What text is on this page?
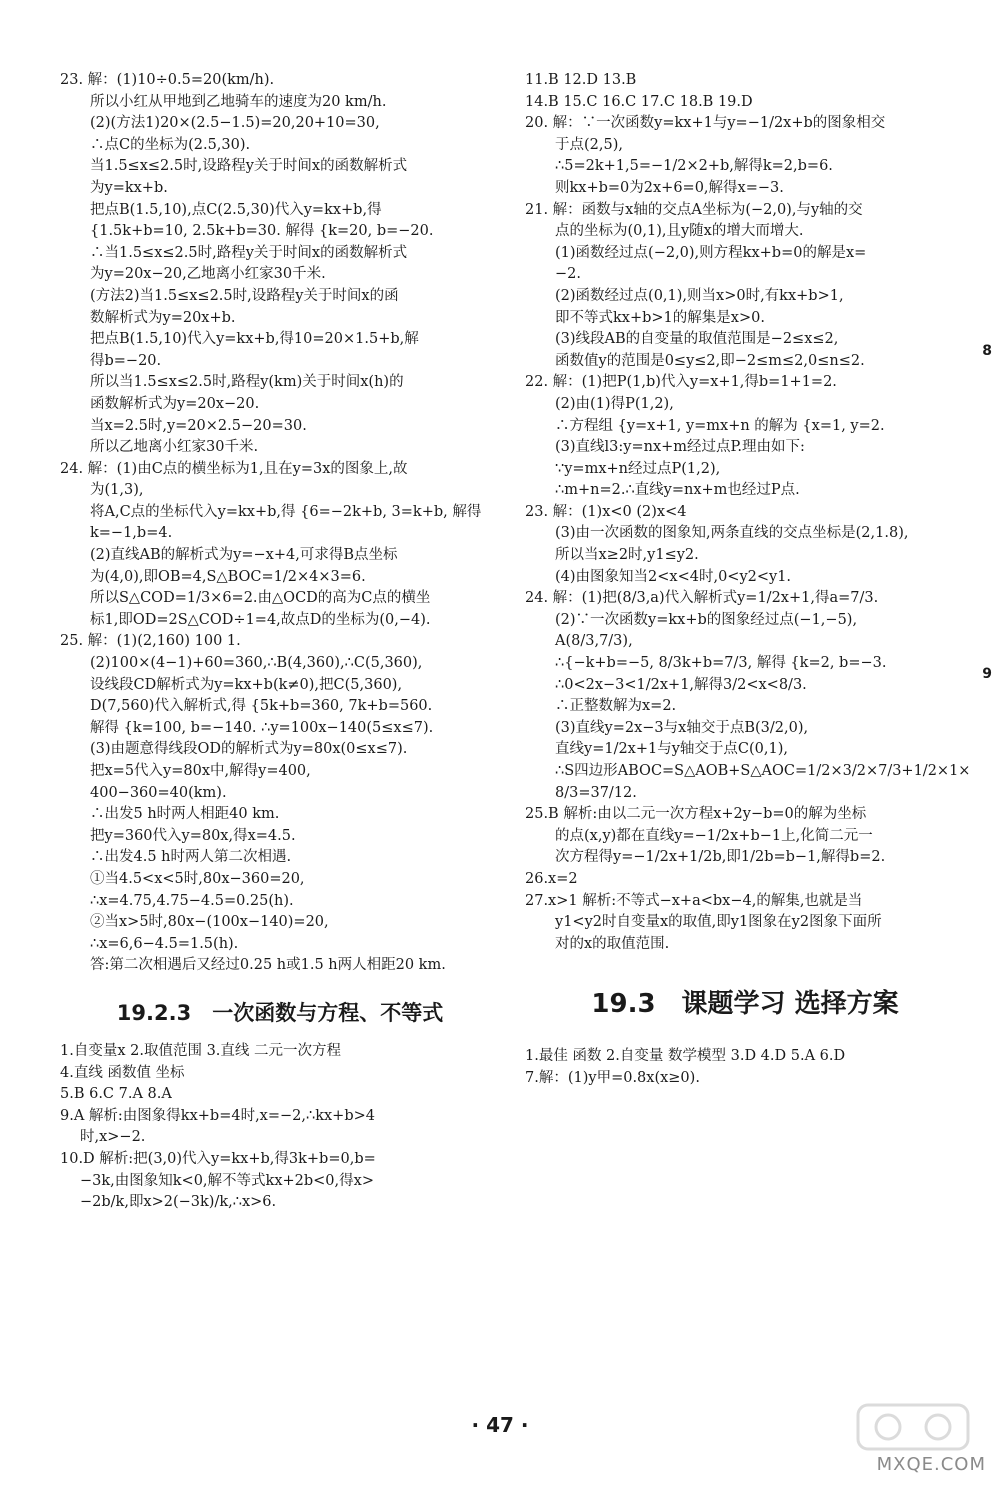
23. 解：(1)10÷0.5=20(km/h).
所以小红从甲地到乙地骑车的速度为20 km/h.
(2)(方法1)20×(2.5−1.5)=20,20+10=30,
∴点C的坐标为(2.5,30).
当1.5≤x≤2.5时,设路程y关于时间x的函数解析式
为y=kx+b.
把点B(1.5,10),点C(2.5,30)代入y=kx+b,得
{1.5k+b=10, 2.5k+b=30. 解得 {k=20, b=−20.
∴当1.5≤x≤2.5时,路程y关于时间x的函数解析式
为y=20x−20,乙地离小红家30千米.
(方法2)当1.5≤x≤2.5时,设路程y关于时间x的函
数解析式为y=20x+b.
把点B(1.5,10)代入y=kx+b,得10=20×1.5+b,解
得b=−20.
所以当1.5≤x≤2.5时,路程y(km)关于时间x(h)的
函数解析式为y=20x−20.
当x=2.5时,y=20×2.5−20=30.
所以乙地离小红家30千米.
24. 解：(1)由C点的横坐标为1,且在y=3x的图象上,故
为(1,3),
将A,C点的坐标代入y=kx+b,得 {6=−2k+b, 3=k+b, 解得
k=−1,b=4.
(2)直线AB的解析式为y=−x+4,可求得B点坐标
为(4,0),即OB=4,S△BOC=1/2×4×3=6.
所以S△COD=1/3×6=2.由△OCD的高为C点的横坐
标1,即OD=2S△COD÷1=4,故点D的坐标为(0,−4).
25. 解：(1)(2,160) 100 1.
(2)100×(4−1)+60=360,∴B(4,360),∴C(5,360),
设线段CD解析式为y=kx+b(k≠0),把C(5,360),
D(7,560)代入解析式,得 {5k+b=360, 7k+b=560.
解得 {k=100, b=−140. ∴y=100x−140(5≤x≤7).
(3)由题意得线段OD的解析式为y=80x(0≤x≤7).
把x=5代入y=80x中,解得y=400,
400−360=40(km).
∴出发5 h时两人相距40 km.
把y=360代入y=80x,得x=4.5.
∴出发4.5 h时两人第二次相遇.
①当4.5<x<5时,80x−360=20,
∴x=4.75,4.75−4.5=0.25(h).
②当x>5时,80x−(100x−140)=20,
∴x=6,6−4.5=1.5(h).
答:第二次相遇后又经过0.25 h或1.5 h两人相距20 km.
19.2.3　一次函数与方程、不等式
1.自变量x 2.取值范围 3.直线 二元一次方程
4.直线 函数值 坐标
5.B 6.C 7.A 8.A
9.A 解析:由图象得kx+b=4时,x=−2,∴kx+b>4
时,x>−2.
10.D 解析:把(3,0)代入y=kx+b,得3k+b=0,b=
−3k,由图象知k<0,解不等式kx+2b<0,得x>
−2b/k,即x>2(−3k)/k,∴x>6.
11.B 12.D 13.B
14.B 15.C 16.C 17.C 18.B 19.D
20. 解：∵一次函数y=kx+1与y=−1/2x+b的图象相交
于点(2,5),
∴5=2k+1,5=−1/2×2+b,解得k=2,b=6.
则kx+b=0为2x+6=0,解得x=−3.
21. 解：函数与x轴的交点A坐标为(−2,0),与y轴的交
点的坐标为(0,1),且y随x的增大而增大.
(1)函数经过点(−2,0),则方程kx+b=0的解是x=
−2.
(2)函数经过点(0,1),则当x>0时,有kx+b>1,
即不等式kx+b>1的解集是x>0.
(3)线段AB的自变量的取值范围是−2≤x≤2,
函数值y的范围是0≤y≤2,即−2≤m≤2,0≤n≤2.
22. 解：(1)把P(1,b)代入y=x+1,得b=1+1=2.
(2)由(1)得P(1,2),
∴方程组 {y=x+1, y=mx+n 的解为 {x=1, y=2.
(3)直线l3:y=nx+m经过点P.理由如下:
∵y=mx+n经过点P(1,2),
∴m+n=2.∴直线y=nx+m也经过P点.
23. 解：(1)x<0 (2)x<4
(3)由一次函数的图象知,两条直线的交点坐标是(2,1.8),
所以当x≥2时,y1≤y2.
(4)由图象知当2<x<4时,0<y2<y1.
24. 解：(1)把(8/3,a)代入解析式y=1/2x+1,得a=7/3.
(2)∵一次函数y=kx+b的图象经过点(−1,−5),
A(8/3,7/3),
∴{−k+b=−5, 8/3k+b=7/3, 解得 {k=2, b=−3.
∴0<2x−3<1/2x+1,解得3/2<x<8/3.
∴正整数解为x=2.
(3)直线y=2x−3与x轴交于点B(3/2,0),
直线y=1/2x+1与y轴交于点C(0,1),
∴S四边形ABOC=S△AOB+S△AOC=1/2×3/2×7/3+1/2×1×
8/3=37/12.
25.B 解析:由以二元一次方程x+2y−b=0的解为坐标
的点(x,y)都在直线y=−1/2x+b−1上,化简二元一
次方程得y=−1/2x+1/2b,即1/2b=b−1,解得b=2.
26.x=2
27.x>1 解析:不等式−x+a<bx−4,的解集,也就是当
y1<y2时自变量x的取值,即y1图象在y2图象下面所
对的x的取值范围.
19.3　课题学习 选择方案
1.最佳 函数 2.自变量 数学模型 3.D 4.D 5.A 6.D
7.解：(1)y甲=0.8x(x≥0).
8
9
· 47 ·
MXQE.COM
